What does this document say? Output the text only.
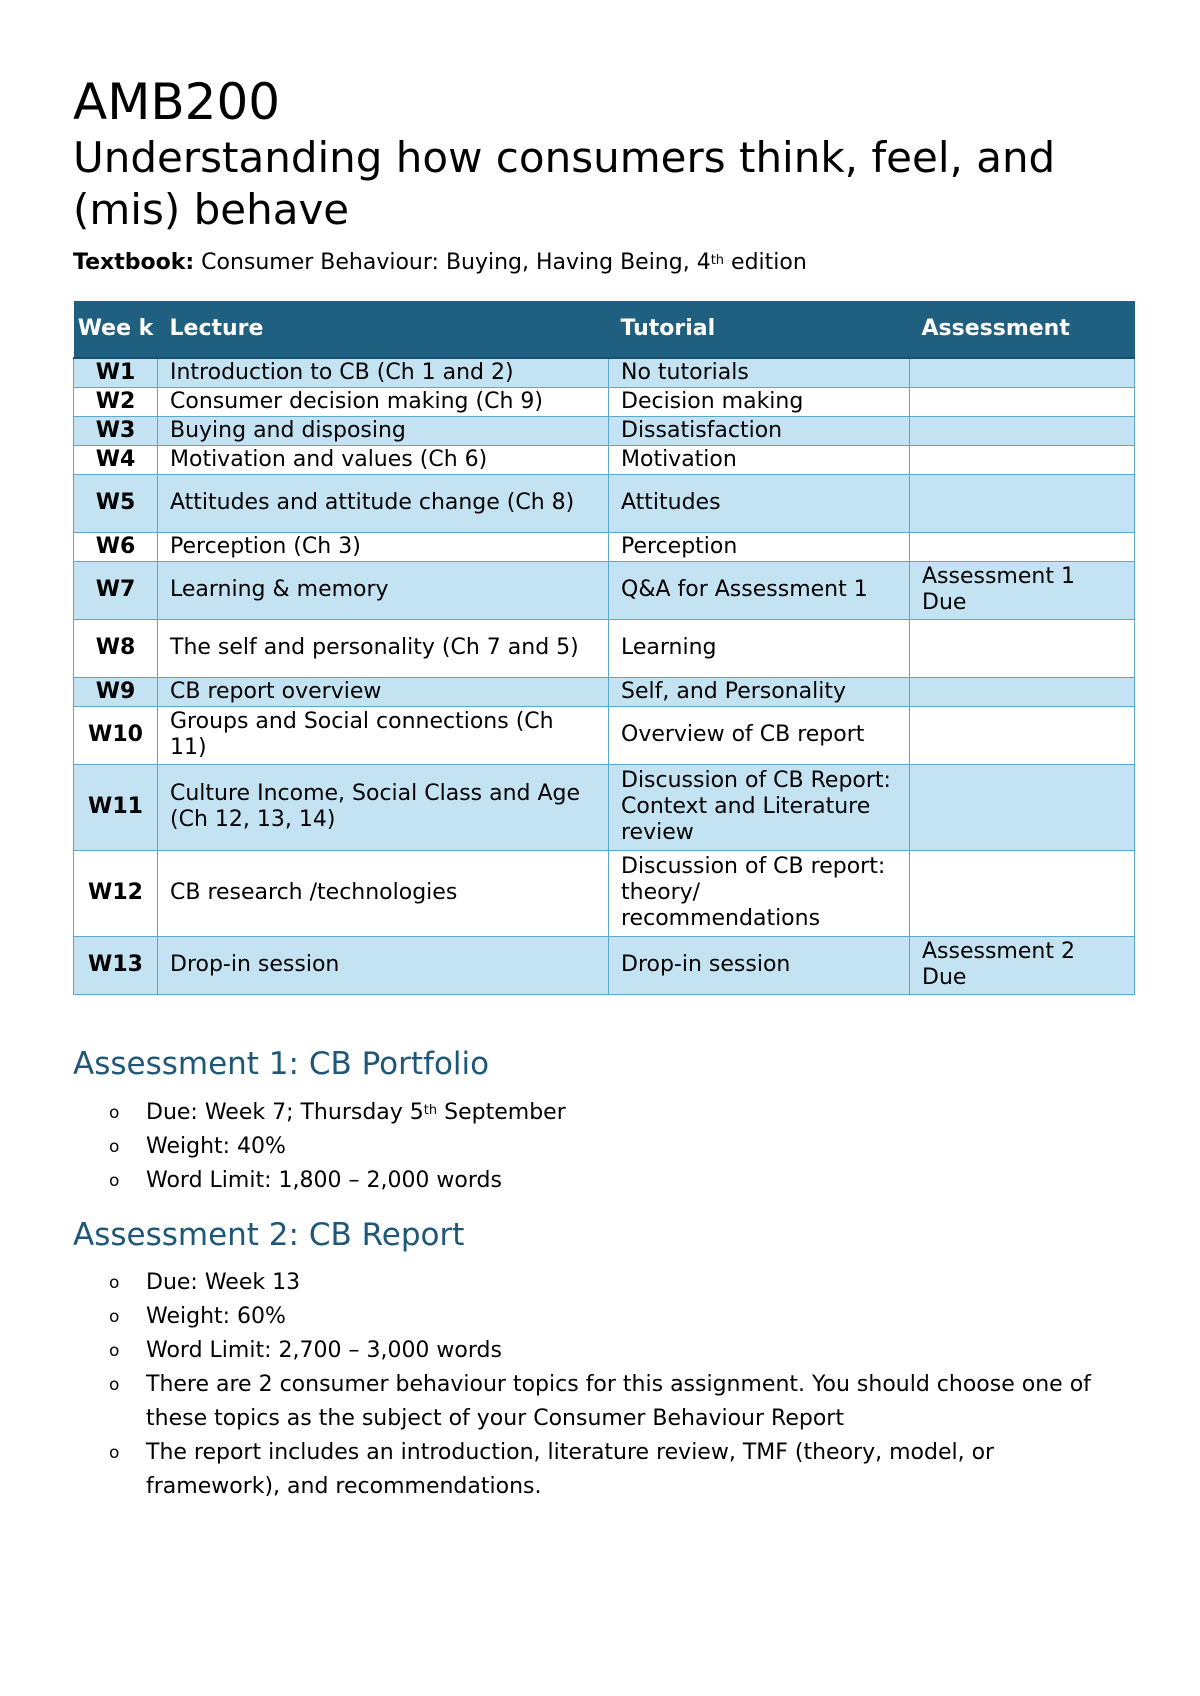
AMB200
Understanding how consumers think, feel, and (mis) behave

Textbook: Consumer Behaviour: Buying, Having Being, 4th edition

Wee k	Lecture	Tutorial	Assessment
W1	Introduction to CB (Ch 1 and 2)	No tutorials	
W2	Consumer decision making (Ch 9)	Decision making	
W3	Buying and disposing	Dissatisfaction	
W4	Motivation and values (Ch 6)	Motivation	
W5	Attitudes and attitude change (Ch 8)	Attitudes	
W6	Perception (Ch 3)	Perception	
W7	Learning & memory	Q&A for Assessment 1	Assessment 1 Due
W8	The self and personality (Ch 7 and 5)	Learning	
W9	CB report overview	Self, and Personality	
W10	Groups and Social connections (Ch 11)	Overview of CB report	
W11	Culture Income, Social Class and Age (Ch 12, 13, 14)	Discussion of CB Report: Context and Literature review	
W12	CB research /technologies	Discussion of CB report: theory/ recommendations	
W13	Drop-in session	Drop-in session	Assessment 2 Due
Assessment 1: CB Portfolio
o Due: Week 7; Thursday 5th September
o Weight: 40%
o Word Limit: 1,800 – 2,000 words
Assessment 2: CB Report
o Due: Week 13
o Weight: 60%
o Word Limit: 2,700 – 3,000 words
o There are 2 consumer behaviour topics for this assignment. You should choose one of these topics as the subject of your Consumer Behaviour Report
o The report includes an introduction, literature review, TMF (theory, model, or framework), and recommendations.
